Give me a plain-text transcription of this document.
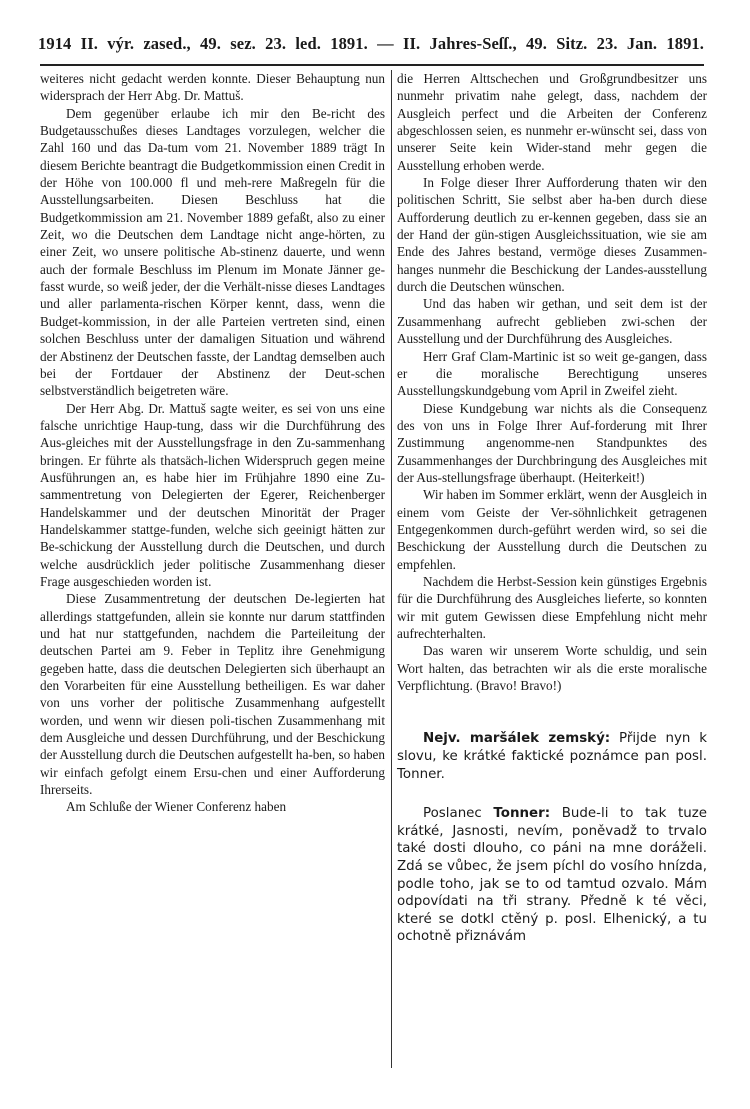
1914 II. výr. zased., 49. sez. 23. led. 1891. — II. Jahres-Seſſ., 49. Sitz. 23. Jan. 1891.

weiteres nicht gedacht werden konnte. Dieser Behauptung nun widersprach der Herr Abg. Dr. Mattuš.

Dem gegenüber erlaube ich mir den Be-richt des Budgetausschußes dieses Landtages vorzulegen, welcher die Zahl 160 und das Da-tum vom 21. November 1889 trägt In diesem Berichte beantragt die Budgetkommission einen Credit in der Höhe von 100.000 fl und meh-rere Maßregeln für die Ausstellungsarbeiten. Diesen Beschluss hat die Budgetkommission am 21. November 1889 gefaßt, also zu einer Zeit, wo die Deutschen dem Landtage nicht ange-hörten, zu einer Zeit, wo unsere politische Ab-stinenz dauerte, und wenn auch der formale Beschluss im Plenum im Monate Jänner ge-fasst wurde, so weiß jeder, der die Verhält-nisse dieses Landtages und aller parlamenta-rischen Körper kennt, dass, wenn die Budget-kommission, in der alle Parteien vertreten sind, einen solchen Beschluss unter der damaligen Situation und während der Abstinenz der Deutschen fasste, der Landtag demselben auch bei der Fortdauer der Abstinenz der Deut-schen selbstverständlich beigetreten wäre.

Der Herr Abg. Dr. Mattuš sagte weiter, es sei von uns eine falsche unrichtige Haup-tung, dass wir die Durchführung des Aus-gleiches mit der Ausstellungsfrage in den Zu-sammenhang bringen. Er führte als thatsäch-lichen Widerspruch gegen meine Ausführungen an, es habe hier im Frühjahre 1890 eine Zu-sammentretung von Delegierten der Egerer, Reichenberger Handelskammer und der deutschen Minorität der Prager Handelskammer stattge-funden, welche sich geeinigt hätten zur Be-schickung der Ausstellung durch die Deutschen, und durch welche ausdrücklich jeder politische Zusammenhang dieser Frage ausgeschieden worden ist.

Diese Zusammentretung der deutschen De-legierten hat allerdings stattgefunden, allein sie konnte nur darum stattfinden und hat nur stattgefunden, nachdem die Parteileitung der deutschen Partei am 9. Feber in Teplitz ihre Genehmigung gegeben hatte, dass die deutschen Delegierten sich überhaupt an den Vorarbeiten für eine Ausstellung betheiligen. Es war daher von uns vorher der politische Zusammenhang aufgestellt worden, und wenn wir diesen poli-tischen Zusammenhang mit dem Ausgleiche und dessen Durchführung, und der Beschickung der Ausstellung durch die Deutschen aufgestellt ha-ben, so haben wir einfach gefolgt einem Ersu-chen und einer Aufforderung Ihrerseits.

Am Schluße der Wiener Conferenz haben

die Herren Alttschechen und Großgrundbesitzer uns nunmehr privatim nahe gelegt, dass, nachdem der Ausgleich perfect und die Arbeiten der Conferenz abgeschlossen seien, es nunmehr er-wünscht sei, dass von unserer Seite kein Wider-stand mehr gegen die Ausstellung erhoben werde.

In Folge dieser Ihrer Aufforderung thaten wir den politischen Schritt, Sie selbst aber ha-ben durch diese Aufforderung deutlich zu er-kennen gegeben, dass sie an der Hand der gün-stigen Ausgleichssituation, wie sie am Ende des Jahres bestand, vermöge dieses Zusammen-hanges nunmehr die Beschickung der Landes-ausstellung durch die Deutschen wünschen.

Und das haben wir gethan, und seit dem ist der Zusammenhang aufrecht geblieben zwi-schen der Ausstellung und der Durchführung des Ausgleiches.

Herr Graf Clam-Martinic ist so weit ge-gangen, dass er die moralische Berechtigung unseres Ausstellungskundgebung vom April in Zweifel zieht.

Diese Kundgebung war nichts als die Consequenz des von uns in Folge Ihrer Auf-forderung mit Ihrer Zustimmung angenomme-nen Standpunktes des Zusammenhanges der Durchbringung des Ausgleiches mit der Aus-stellungsfrage überhaupt. (Heiterkeit!)

Wir haben im Sommer erklärt, wenn der Ausgleich in einem vom Geiste der Ver-söhnlichkeit getragenen Entgegenkommen durch-geführt werden wird, so sei die Beschickung der Ausstellung durch die Deutschen zu empfehlen.

Nachdem die Herbst-Session kein günstiges Ergebnis für die Durchführung des Ausgleiches lieferte, so konnten wir mit gutem Gewissen diese Empfehlung nicht mehr aufrechterhalten.

Das waren wir unserem Worte schuldig, und sein Wort halten, das betrachten wir als die erste moralische Verpflichtung. (Bravo! Bravo!)

Nejv. maršálek zemský: Přijde nyn k slovu, ke krátké faktické poznámce pan posl. Tonner.

Poslanec Tonner: Bude-li to tak tuze krátké, Jasnosti, nevím, poněvadž to trvalo také dosti dlouho, co páni na mne doráželi. Zdá se vůbec, že jsem píchl do vosího hnízda, podle toho, jak se to od tamtud ozvalo. Mám odpovídati na tři strany. Předně k té věci, které se dotkl ctěný p. posl. Elhenický, a tu ochotně přiznávám
